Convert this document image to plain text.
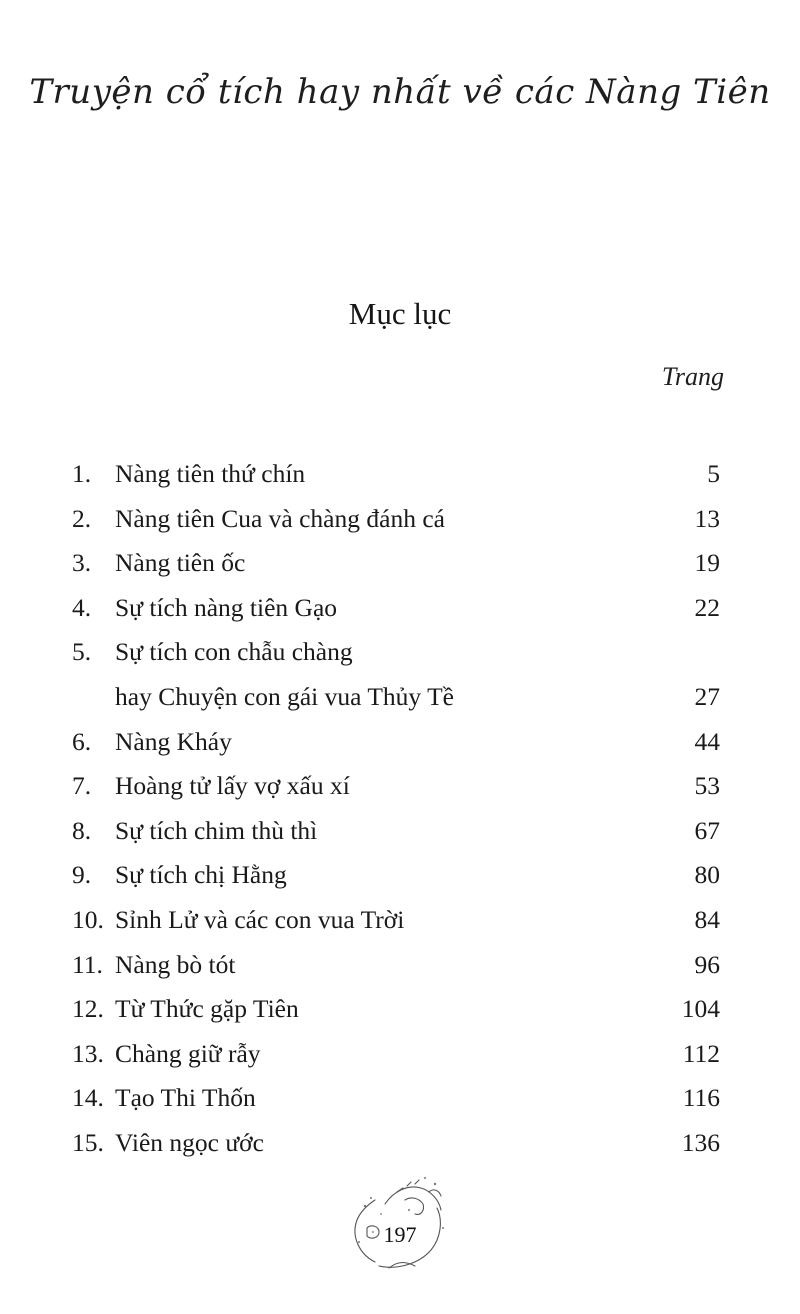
Truyện cổ tích hay nhất về các Nàng Tiên
Mục lục
Trang
1. Nàng tiên thứ chín	5
2. Nàng tiên Cua và chàng đánh cá	13
3. Nàng tiên ốc	19
4. Sự tích nàng tiên Gạo	22
5. Sự tích con chẫu chàng
hay Chuyện con gái vua Thủy Tề	27
6. Nàng Kháy	44
7. Hoàng tử lấy vợ xấu xí	53
8. Sự tích chim thù thì	67
9. Sự tích chị Hằng	80
10. Sỉnh Lử và các con vua Trời	84
11. Nàng bò tót	96
12. Từ Thức gặp Tiên	104
13. Chàng giữ rẫy	112
14. Tạo Thi Thốn	116
15. Viên ngọc ước	136
197
